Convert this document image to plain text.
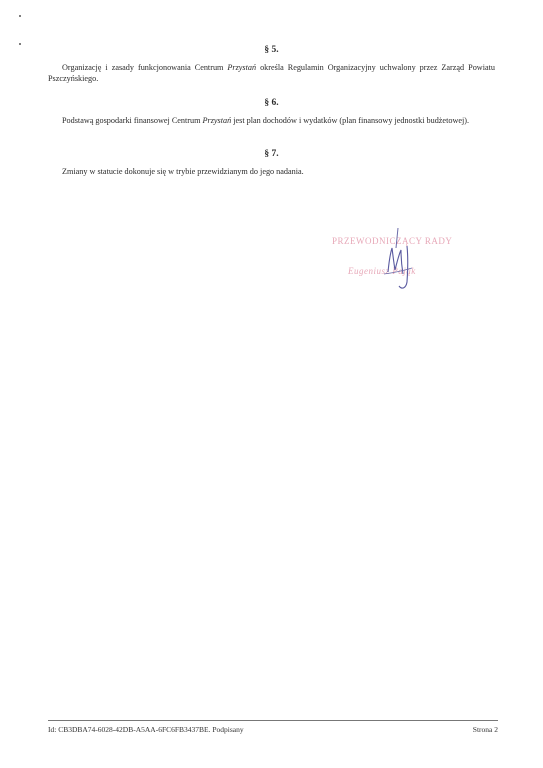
§ 5.

Organizację i zasady funkcjonowania Centrum Przystań określa Regulamin Organizacyjny uchwalony przez Zarząd Powiatu Pszczyńskiego.

§ 6.

Podstawą gospodarki finansowej Centrum Przystań jest plan dochodów i wydatków (plan finansowy jednostki budżetowej).

§ 7.

Zmiany w statucie dokonuje się w trybie przewidzianym do jego nadania.

PRZEWODNICZĄCY RADY
Eugeniusz Pająk
Id: CB3DBA74-6028-42DB-A5AA-6FC6FB3437BE. Podpisany	Strona 2
